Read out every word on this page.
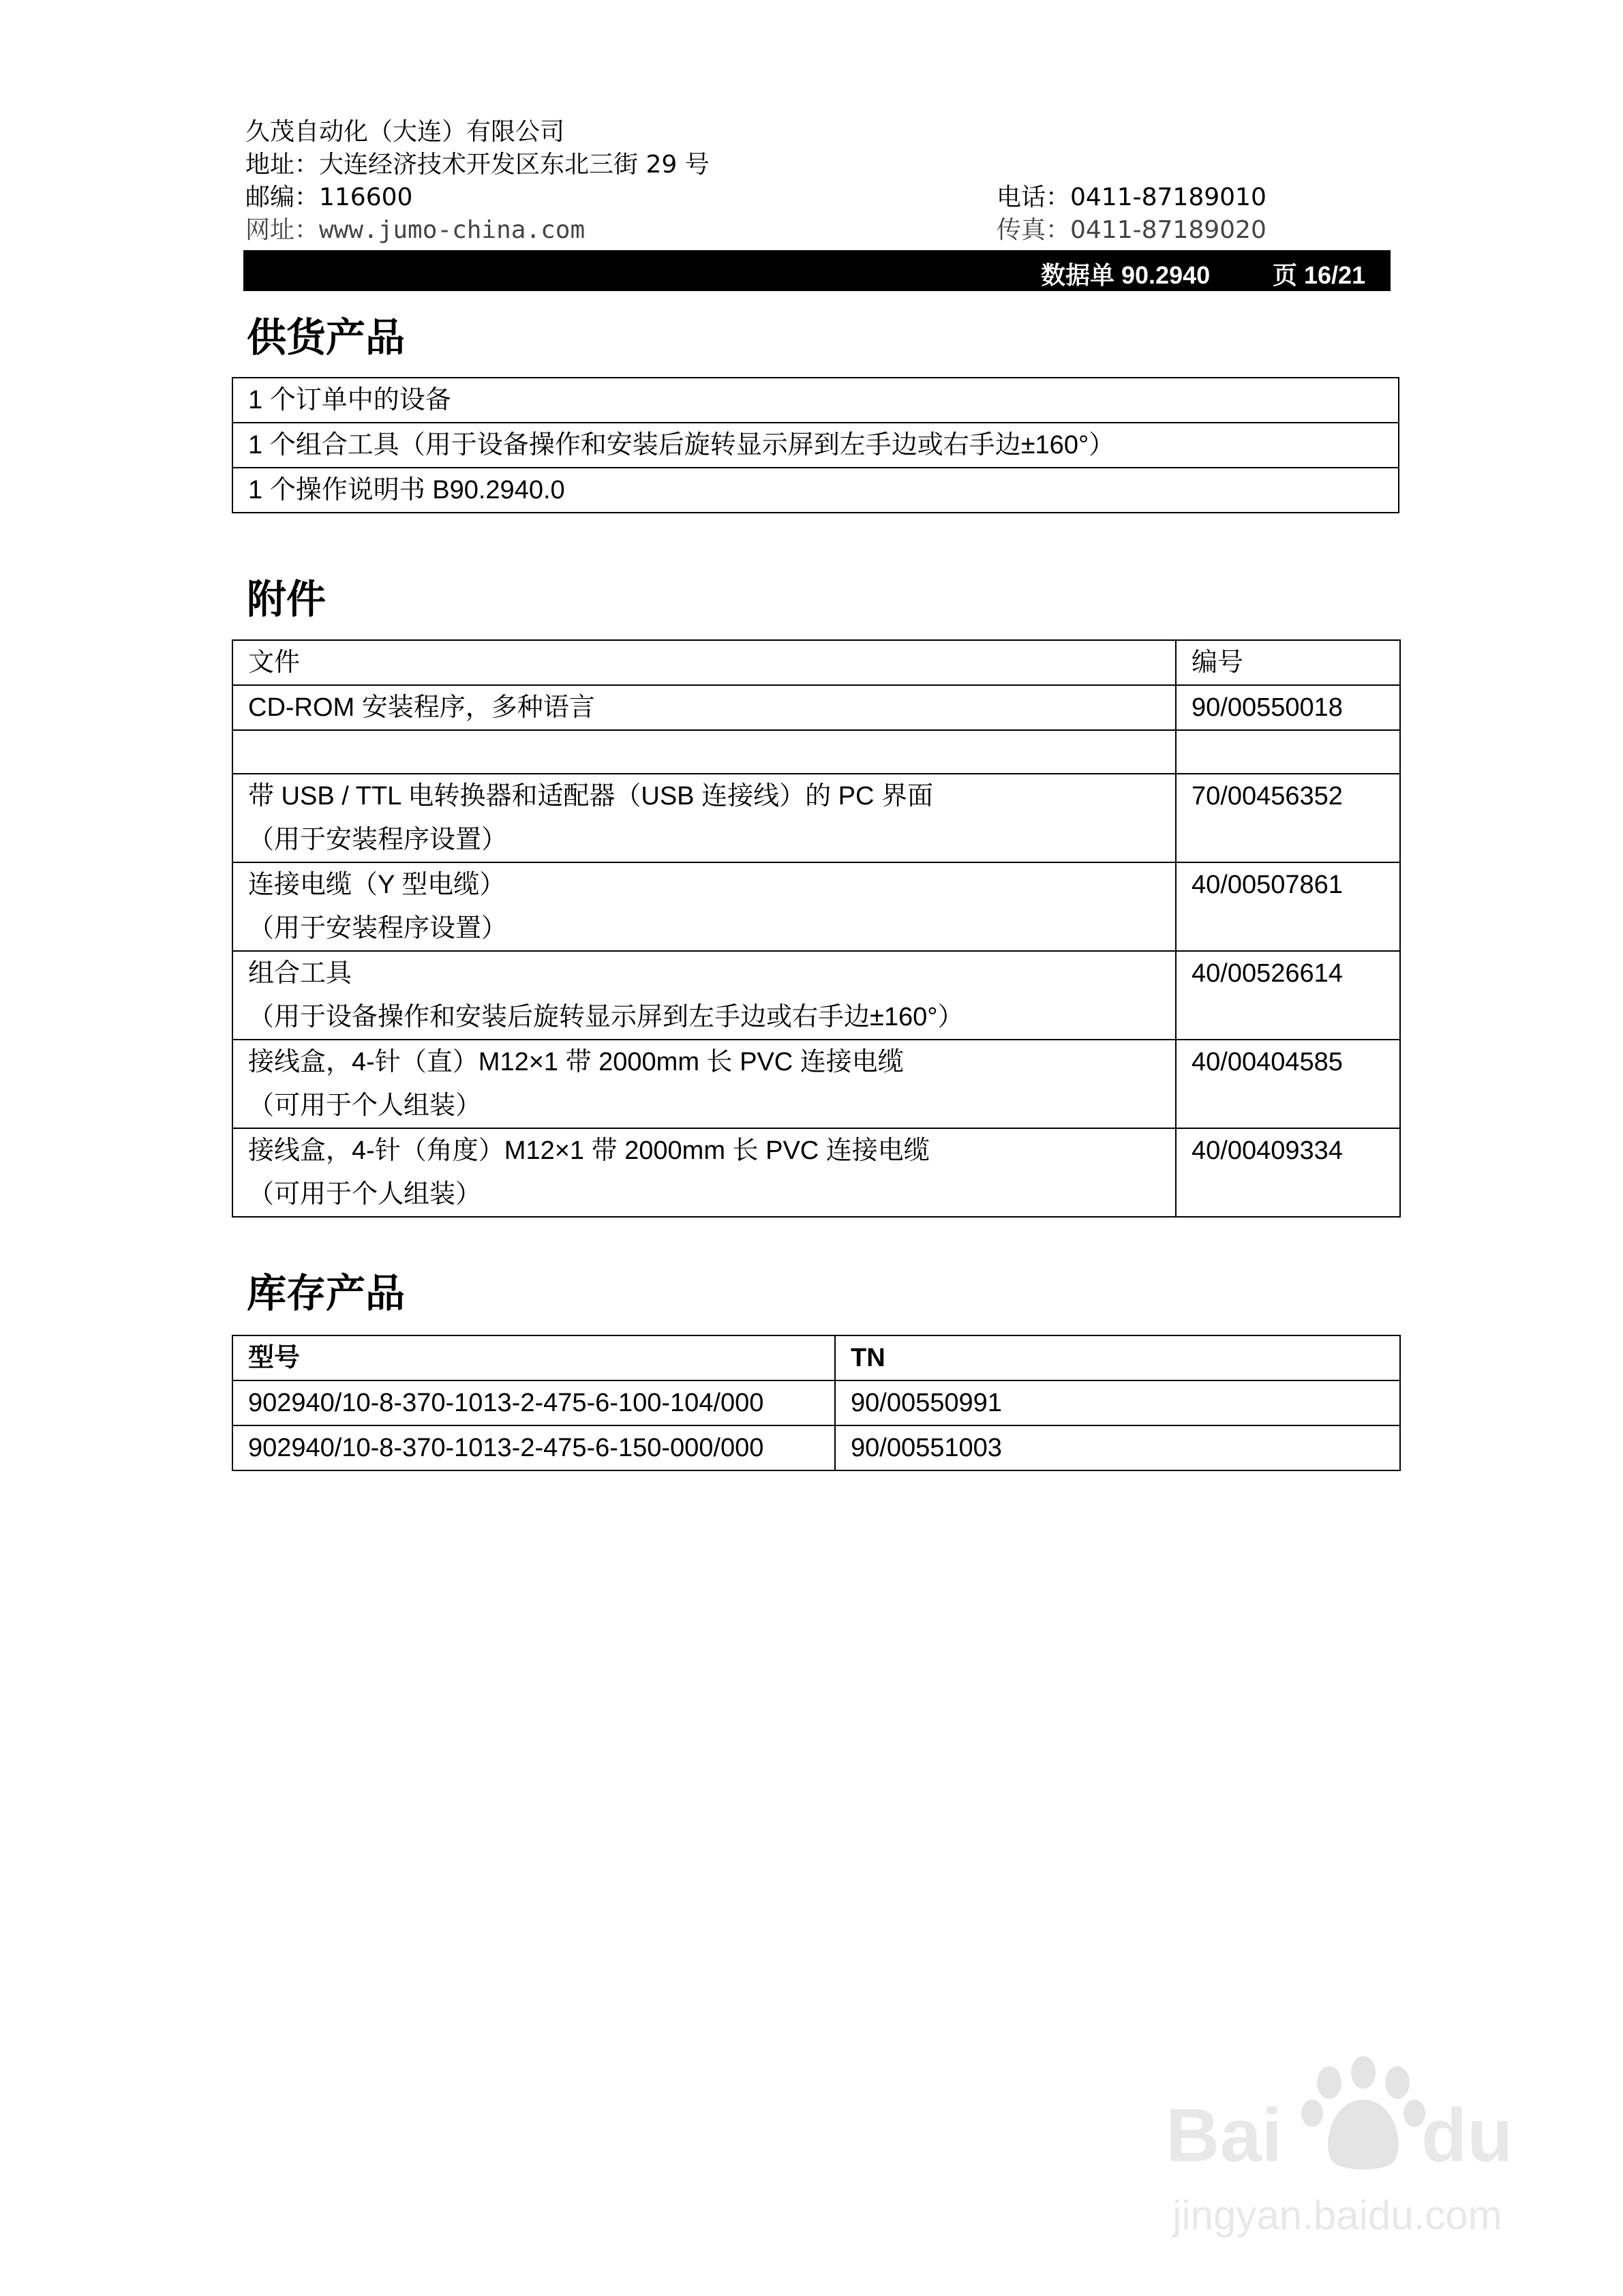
久茂自动化（大连）有限公司
地址：大连经济技术开发区东北三街 29 号
邮编：116600
网址：www.jumo-china.com
电话：0411-87189010
传真：0411-87189020
数据单 90.2940	页 16/21
供货产品
1 个订单中的设备
1 个组合工具（用于设备操作和安装后旋转显示屏到左手边或右手边±160°）
1 个操作说明书 B90.2940.0
附件
文件	编号

CD-ROM 安装程序，多种语言	90/00550018

带 USB / TTL 电转换器和适配器（USB 连接线）的 PC 界面
（用于安装程序设置）	70/00456352

连接电缆（Y 型电缆）
（用于安装程序设置）	40/00507861

组合工具
（用于设备操作和安装后旋转显示屏到左手边或右手边±160°）	40/00526614

接线盒，4-针（直）M12×1 带 2000mm 长 PVC 连接电缆
（可用于个人组装）	40/00404585

接线盒，4-针（角度）M12×1 带 2000mm 长 PVC 连接电缆
（可用于个人组装）	40/00409334
库存产品
型号	TN
902940/10-8-370-1013-2-475-6-100-104/000	90/00550991
902940/10-8-370-1013-2-475-6-150-000/000	90/00551003
Bai du
jingyan.baidu.com
